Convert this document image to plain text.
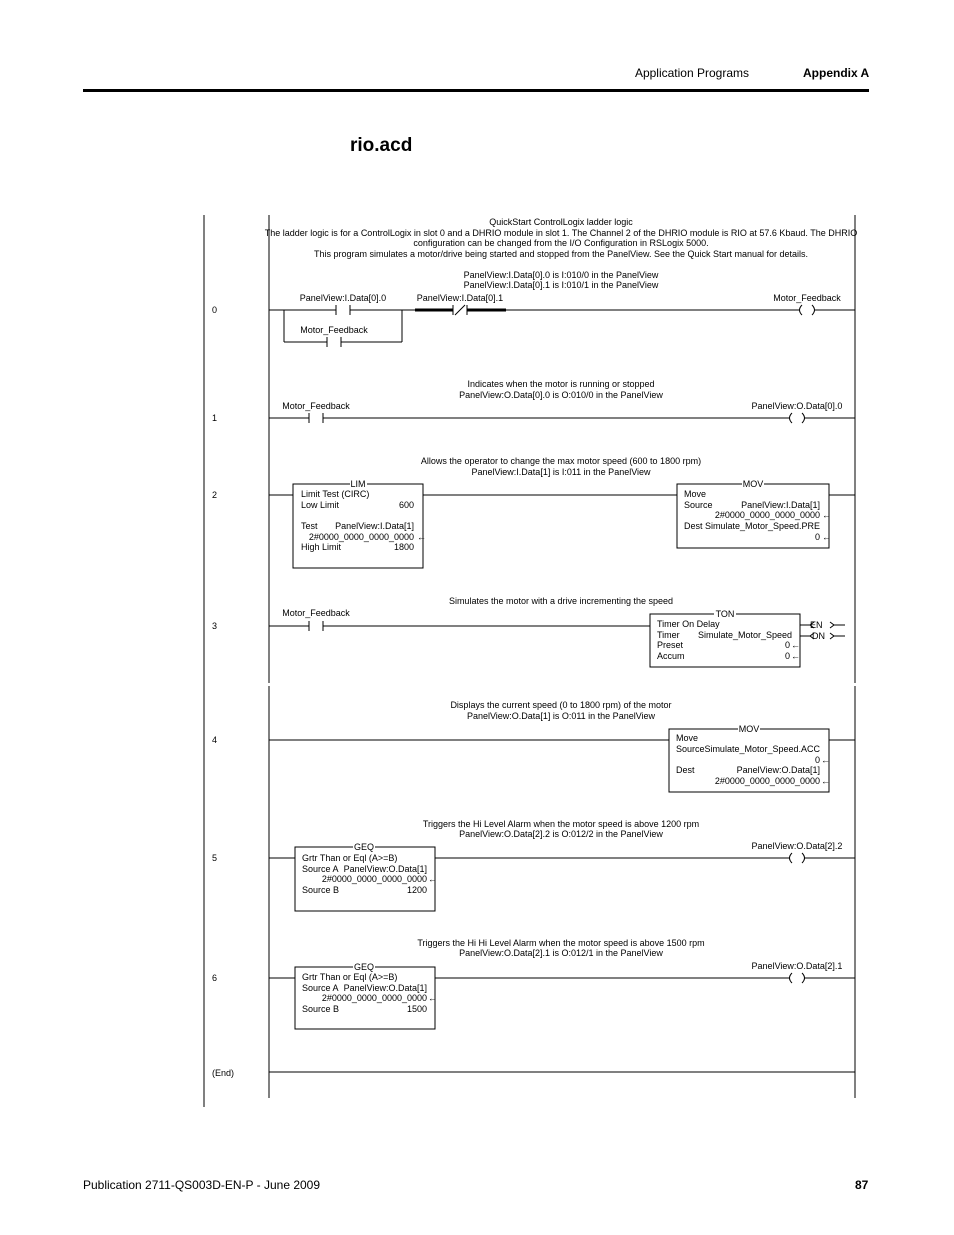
Application Programs	Appendix A
rio.acd
0
QuickStart ControlLogix ladder logic
The ladder logic is for a ControlLogix in slot 0 and a DHRIO module in slot 1. The Channel 2 of the DHRIO module is RIO at 57.6 Kbaud. The DHRIO
configuration can be changed from the I/O Configuration in RSLogix 5000.
This program simulates a motor/drive being started and stopped from the PanelView. See the Quick Start manual for details.
PanelView:I.Data[0].0 is I:010/0 in the PanelView
PanelView:I.Data[0].1 is I:010/1 in the PanelView
PanelView:I.Data[0].0	PanelView:I.Data[0].1	Motor_Feedback
Motor_Feedback
1
Indicates when the motor is running or stopped
PanelView:O.Data[0].0 is O:010/0 in the PanelView
Motor_Feedback	PanelView:O.Data[0].0
2
Allows the operator to change the max motor speed (600 to 1800 rpm)
PanelView:I.Data[1] is I:011 in the PanelView
LIM
Limit Test (CIRC)
Low Limit	600
Test PanelView:I.Data[1]
2#0000_0000_0000_0000 ←
High Limit	1800
MOV
Move
Source	PanelView:I.Data[1]
2#0000_0000_0000_0000 ←
Dest Simulate_Motor_Speed.PRE
0 ←
3
Simulates the motor with a drive incrementing the speed
Motor_Feedback	TON
Timer On Delay
Timer Simulate_Motor_Speed
Preset	0 ←
Accum	0 ←
EN
DN
4
Displays the current speed (0 to 1800 rpm) of the motor
PanelView:O.Data[1] is O:011 in the PanelView
MOV
Move
Source Simulate_Motor_Speed.ACC
0 ←
Dest	PanelView:O.Data[1]
2#0000_0000_0000_0000 ←
5
Triggers the Hi Level Alarm when the motor speed is above 1200 rpm
PanelView:O.Data[2].2 is O:012/2 in the PanelView
GEQ
Grtr Than or Eql (A>=B)
Source A PanelView:O.Data[1]
2#0000_0000_0000_0000 ←
Source B	1200
PanelView:O.Data[2].2
6
Triggers the Hi Hi Level Alarm when the motor speed is above 1500 rpm
PanelView:O.Data[2].1 is O:012/1 in the PanelView
GEQ
Grtr Than or Eql (A>=B)
Source A PanelView:O.Data[1]
2#0000_0000_0000_0000 ←
Source B	1500
PanelView:O.Data[2].1
(End)
Publication 2711-QS003D-EN-P - June 2009	87
